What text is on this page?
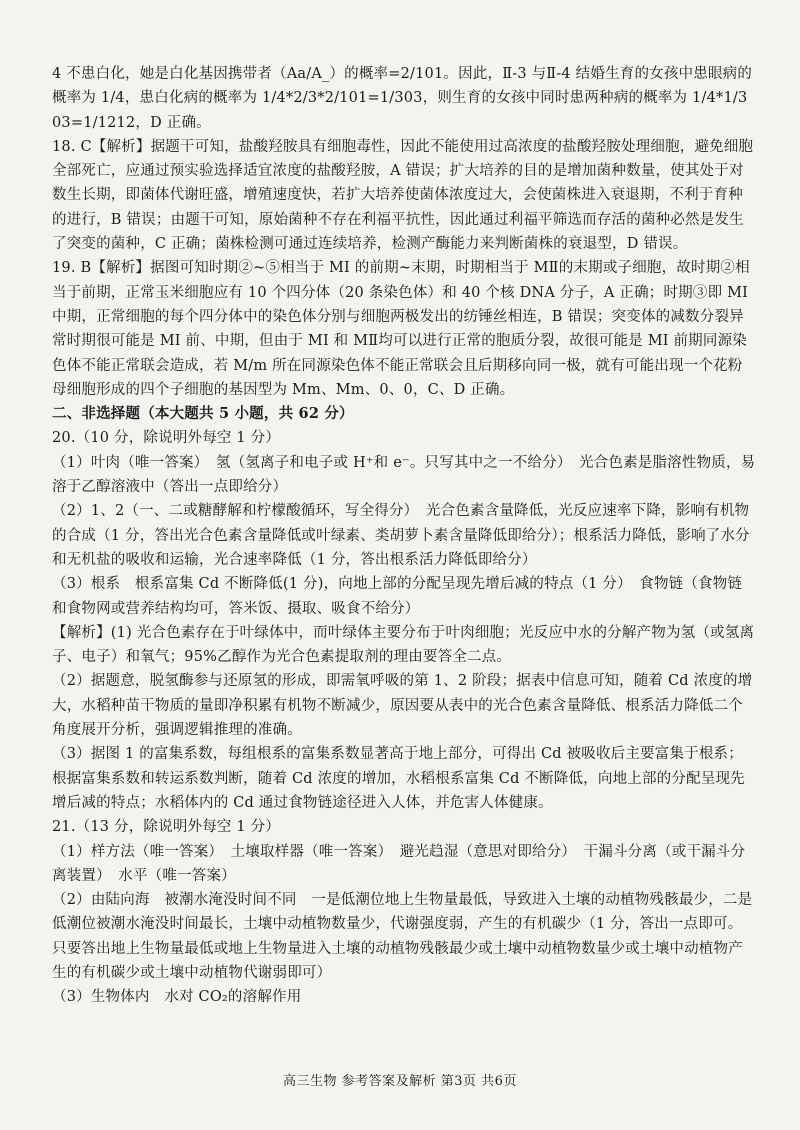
4 不患白化，她是白化基因携带者（Aa/A_）的概率=2/101。因此，Ⅱ-3 与Ⅱ-4 结婚生育的女孩中患眼病的概率为 1/4，患白化病的概率为 1/4*2/3*2/101=1/303，则生育的女孩中同时患两种病的概率为 1/4*1/303=1/1212，D 正确。

18. C【解析】据题干可知，盐酸羟胺具有细胞毒性，因此不能使用过高浓度的盐酸羟胺处理细胞，避免细胞全部死亡，应通过预实验选择适宜浓度的盐酸羟胺，A 错误；扩大培养的目的是增加菌种数量，使其处于对数生长期，即菌体代谢旺盛，增殖速度快，若扩大培养使菌体浓度过大，会使菌株进入衰退期，不利于育种的进行，B 错误；由题干可知，原始菌种不存在利福平抗性，因此通过利福平筛选而存活的菌种必然是发生了突变的菌种，C 正确；菌株检测可通过连续培养，检测产酶能力来判断菌株的衰退型，D 错误。

19. B【解析】据图可知时期②~⑤相当于 MI 的前期~末期，时期相当于 MⅡ的末期或子细胞，故时期②相当于前期，正常玉米细胞应有 10 个四分体（20 条染色体）和 40 个核 DNA 分子，A 正确；时期③即 MI 中期，正常细胞的每个四分体中的染色体分别与细胞两极发出的纺锤丝相连，B 错误；突变体的减数分裂异常时期很可能是 MI 前、中期，但由于 MI 和 MⅡ均可以进行正常的胞质分裂，故很可能是 MI 前期同源染色体不能正常联会造成，若 M/m 所在同源染色体不能正常联会且后期移向同一极，就有可能出现一个花粉母细胞形成的四个子细胞的基因型为 Mm、Mm、0、0，C、D 正确。

二、非选择题（本大题共 5 小题，共 62 分）

20.（10 分，除说明外每空 1 分）

（1）叶肉（唯一答案）　氢（氢离子和电子或 H⁺和 e⁻。只写其中之一不给分）　光合色素是脂溶性物质，易溶于乙醇溶液中（答出一点即给分）

（2）1、2（一、二或糖酵解和柠檬酸循环，写全得分）　光合色素含量降低，光反应速率下降，影响有机物的合成（1 分，答出光合色素含量降低或叶绿素、类胡萝卜素含量降低即给分）；根系活力降低，影响了水分和无机盐的吸收和运输，光合速率降低（1 分，答出根系活力降低即给分）

（3）根系　根系富集 Cd 不断降低(1 分)，向地上部的分配呈现先增后减的特点（1 分）　食物链（食物链和食物网或营养结构均可，答米饭、摄取、吸食不给分）

【解析】(1) 光合色素存在于叶绿体中，而叶绿体主要分布于叶肉细胞；光反应中水的分解产物为氢（或氢离子、电子）和氧气；95%乙醇作为光合色素提取剂的理由要答全二点。

（2）据题意，脱氢酶参与还原氢的形成，即需氧呼吸的第 1、2 阶段；据表中信息可知，随着 Cd 浓度的增大，水稻种苗干物质的量即净积累有机物不断减少，原因要从表中的光合色素含量降低、根系活力降低二个角度展开分析，强调逻辑推理的准确。

（3）据图 1 的富集系数，每组根系的富集系数显著高于地上部分，可得出 Cd 被吸收后主要富集于根系；根据富集系数和转运系数判断，随着 Cd 浓度的增加，水稻根系富集 Cd 不断降低，向地上部的分配呈现先增后减的特点；水稻体内的 Cd 通过食物链途径进入人体，并危害人体健康。

21.（13 分，除说明外每空 1 分）

（1）样方法（唯一答案）　土壤取样器（唯一答案）　避光趋湿（意思对即给分）　干漏斗分离（或干漏斗分离装置）　水平（唯一答案）

（2）由陆向海　被潮水淹没时间不同　一是低潮位地上生物量最低，导致进入土壤的动植物残骸最少，二是低潮位被潮水淹没时间最长，土壤中动植物数量少，代谢强度弱，产生的有机碳少（1 分，答出一点即可。只要答出地上生物量最低或地上生物量进入土壤的动植物残骸最少或土壤中动植物数量少或土壤中动植物产生的有机碳少或土壤中动植物代谢弱即可）

（3）生物体内　水对 CO₂的溶解作用

高三生物 参考答案及解析 第3页 共6页
